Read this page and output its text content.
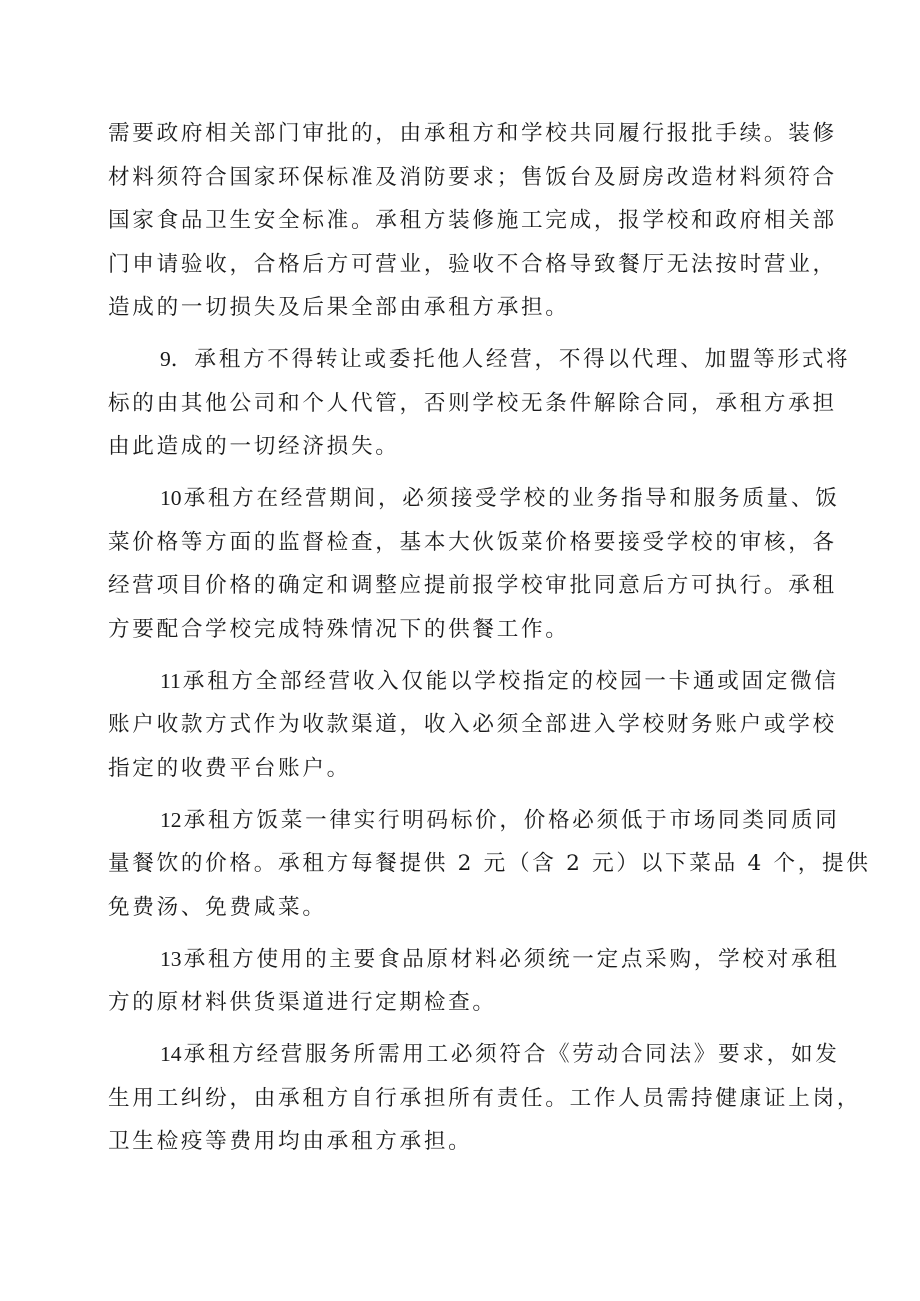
需要政府相关部门审批的，由承租方和学校共同履行报批手续。装修
材料须符合国家环保标准及消防要求；售饭台及厨房改造材料须符合
国家食品卫生安全标准。承租方装修施工完成，报学校和政府相关部
门申请验收，合格后方可营业，验收不合格导致餐厅无法按时营业，
造成的一切损失及后果全部由承租方承担。

9．承租方不得转让或委托他人经营，不得以代理、加盟等形式将
标的由其他公司和个人代管，否则学校无条件解除合同，承租方承担
由此造成的一切经济损失。

10承租方在经营期间，必须接受学校的业务指导和服务质量、饭
菜价格等方面的监督检查，基本大伙饭菜价格要接受学校的审核，各
经营项目价格的确定和调整应提前报学校审批同意后方可执行。承租
方要配合学校完成特殊情况下的供餐工作。

11承租方全部经营收入仅能以学校指定的校园一卡通或固定微信
账户收款方式作为收款渠道，收入必须全部进入学校财务账户或学校
指定的收费平台账户。

12承租方饭菜一律实行明码标价，价格必须低于市场同类同质同
量餐饮的价格。承租方每餐提供 2 元（含 2 元）以下菜品 4 个，提供
免费汤、免费咸菜。

13承租方使用的主要食品原材料必须统一定点采购，学校对承租
方的原材料供货渠道进行定期检查。

14承租方经营服务所需用工必须符合《劳动合同法》要求，如发
生用工纠纷，由承租方自行承担所有责任。工作人员需持健康证上岗，
卫生检疫等费用均由承租方承担。
